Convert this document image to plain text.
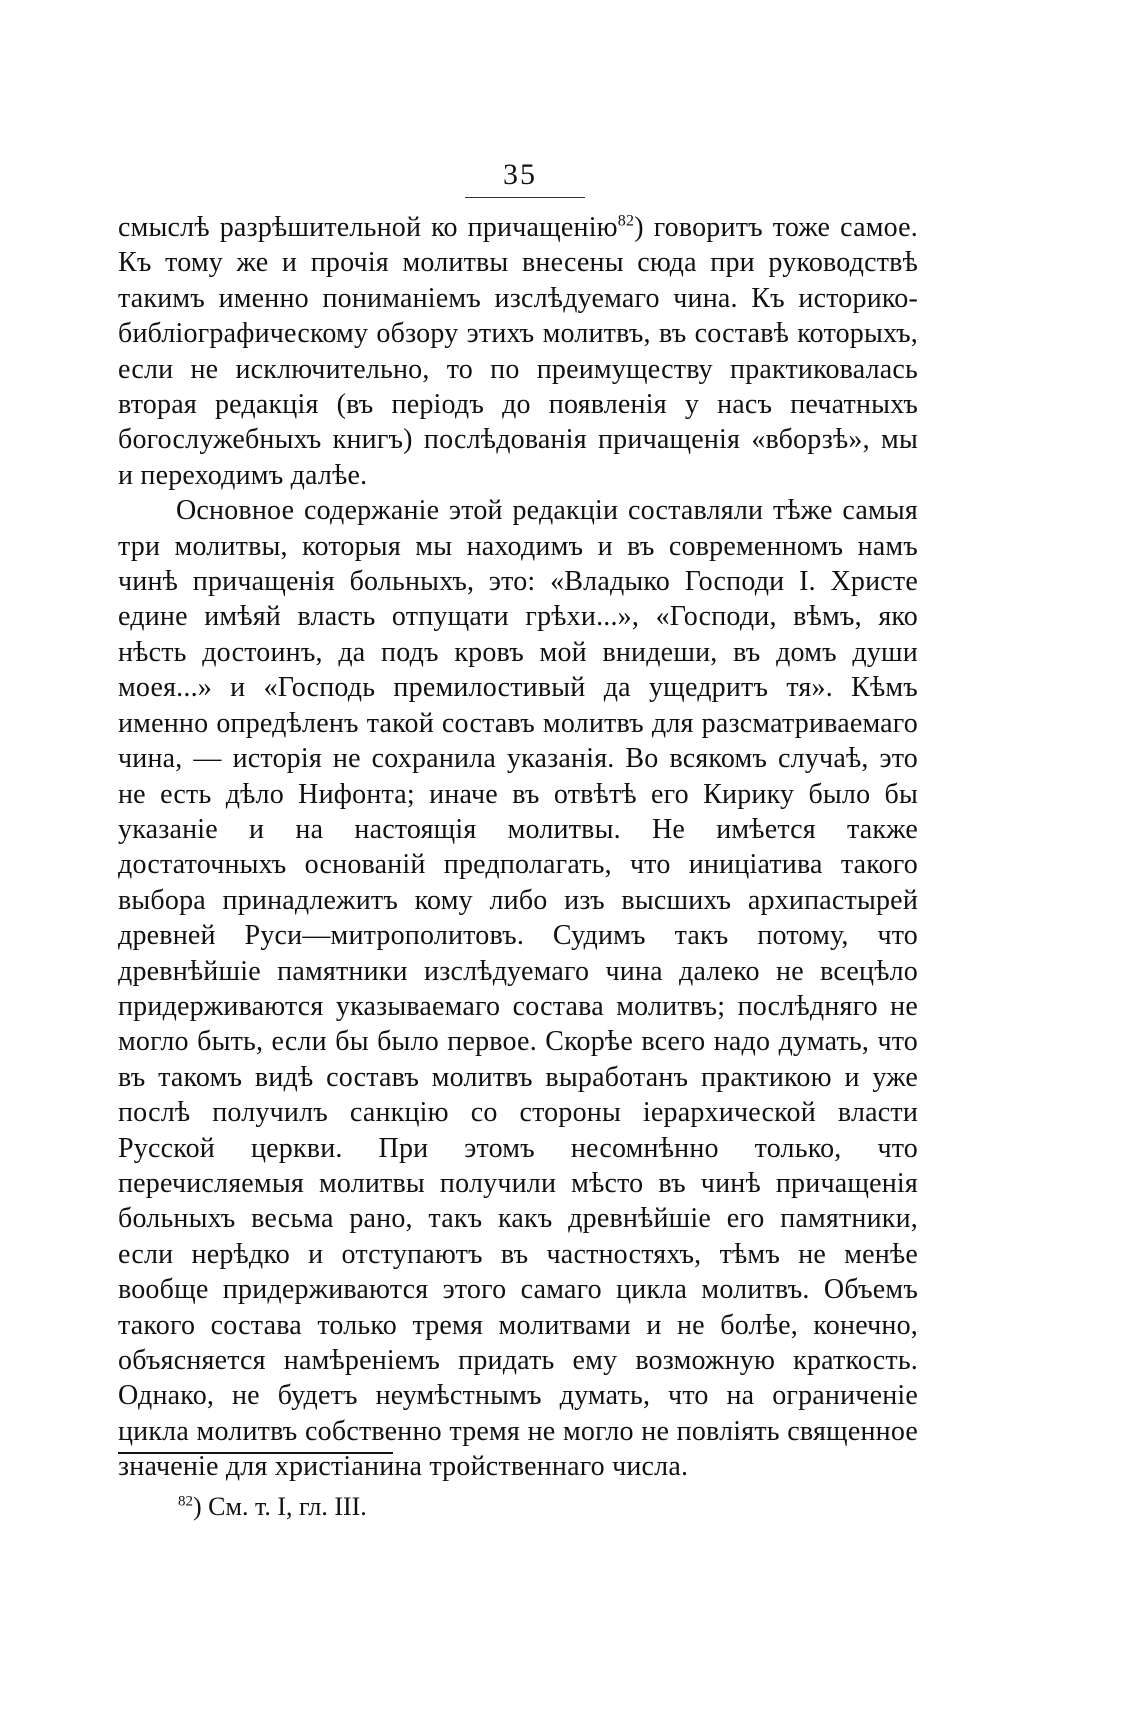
35

смыслѣ разрѣшительной ко причащенію$^{82}$) говоритъ тоже самое. Къ тому же и прочія молитвы внесены сюда при руководствѣ такимъ именно пониманіемъ изслѣдуемаго чина. Къ историко-библіографическому обзору этихъ молитвъ, въ составѣ которыхъ, если не исключительно, то по преимуществу практиковалась вторая редакція (въ періодъ до появленія у насъ печатныхъ богослужебныхъ книгъ) послѣдованія причащенія «вборзѣ», мы и переходимъ далѣе.

Основное содержаніе этой редакціи составляли тѣже самыя три молитвы, которыя мы находимъ и въ современномъ намъ чинѣ причащенія больныхъ, это: «Владыко Господи І. Христе едине имѣяй власть отпущати грѣхи...», «Господи, вѣмъ, яко нѣсть достоинъ, да подъ кровъ мой внидеши, въ домъ души моея...» и «Господь премилостивый да ущедритъ тя». Кѣмъ именно опредѣленъ такой составъ молитвъ для разсматриваемаго чина, — исторія не сохранила указанія. Во всякомъ случаѣ, это не есть дѣло Нифонта; иначе въ отвѣтѣ его Кирику было бы указаніе и на настоящія молитвы. Не имѣется также достаточныхъ основаній предполагать, что иниціатива такого выбора принадлежитъ кому либо изъ высшихъ архипастырей древней Руси—митрополитовъ. Судимъ такъ потому, что древнѣйшіе памятники изслѣдуемаго чина далеко не всецѣло придерживаются указываемаго состава молитвъ; послѣдняго не могло быть, если бы было первое. Скорѣе всего надо думать, что въ такомъ видѣ составъ молитвъ выработанъ практикою и уже послѣ получилъ санкцію со стороны іерархической власти Русской церкви. При этомъ несомнѣнно только, что перечисляемыя молитвы получили мѣсто въ чинѣ причащенія больныхъ весьма рано, такъ какъ древнѣйшіе его памятники, если нерѣдко и отступаютъ въ частностяхъ, тѣмъ не менѣе вообще придерживаются этого самаго цикла молитвъ. Объемъ такого состава только тремя молитвами и не болѣе, конечно, объясняется намѣреніемъ придать ему возможную краткость. Однако, не будетъ неумѣстнымъ думать, что на ограниченіе цикла молитвъ собственно тремя не могло не повліять священное значеніе для христіанина тройственнаго числа.

$^{82}$) См. т. I, гл. III.
